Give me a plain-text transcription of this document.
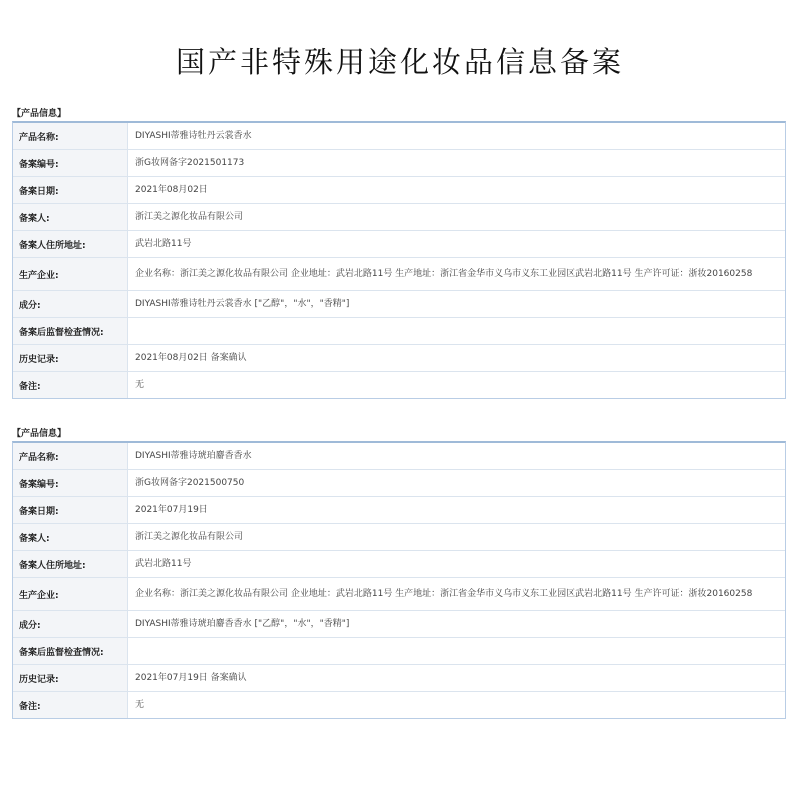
国产非特殊用途化妆品信息备案
【产品信息】
产品名称:	DIYASHI蒂雅诗牡丹云裳香水
备案编号:	浙G妆网备字2021501173
备案日期:	2021年08月02日
备案人:	浙江美之源化妆品有限公司
备案人住所地址:	武岩北路11号
生产企业:	企业名称：浙江美之源化妆品有限公司 企业地址：武岩北路11号 生产地址：浙江省金华市义乌市义东工业园区武岩北路11号 生产许可证：浙妆20160258
成分:	DIYASHI蒂雅诗牡丹云裳香水 ["乙醇"，"水"，"香精"]
备案后监督检查情况:
历史记录:	2021年08月02日 备案确认
备注:	无
【产品信息】
产品名称:	DIYASHI蒂雅诗琥珀麝香香水
备案编号:	浙G妆网备字2021500750
备案日期:	2021年07月19日
备案人:	浙江美之源化妆品有限公司
备案人住所地址:	武岩北路11号
生产企业:	企业名称：浙江美之源化妆品有限公司 企业地址：武岩北路11号 生产地址：浙江省金华市义乌市义东工业园区武岩北路11号 生产许可证：浙妆20160258
成分:	DIYASHI蒂雅诗琥珀麝香香水 ["乙醇"，"水"，"香精"]
备案后监督检查情况:
历史记录:	2021年07月19日 备案确认
备注:	无
